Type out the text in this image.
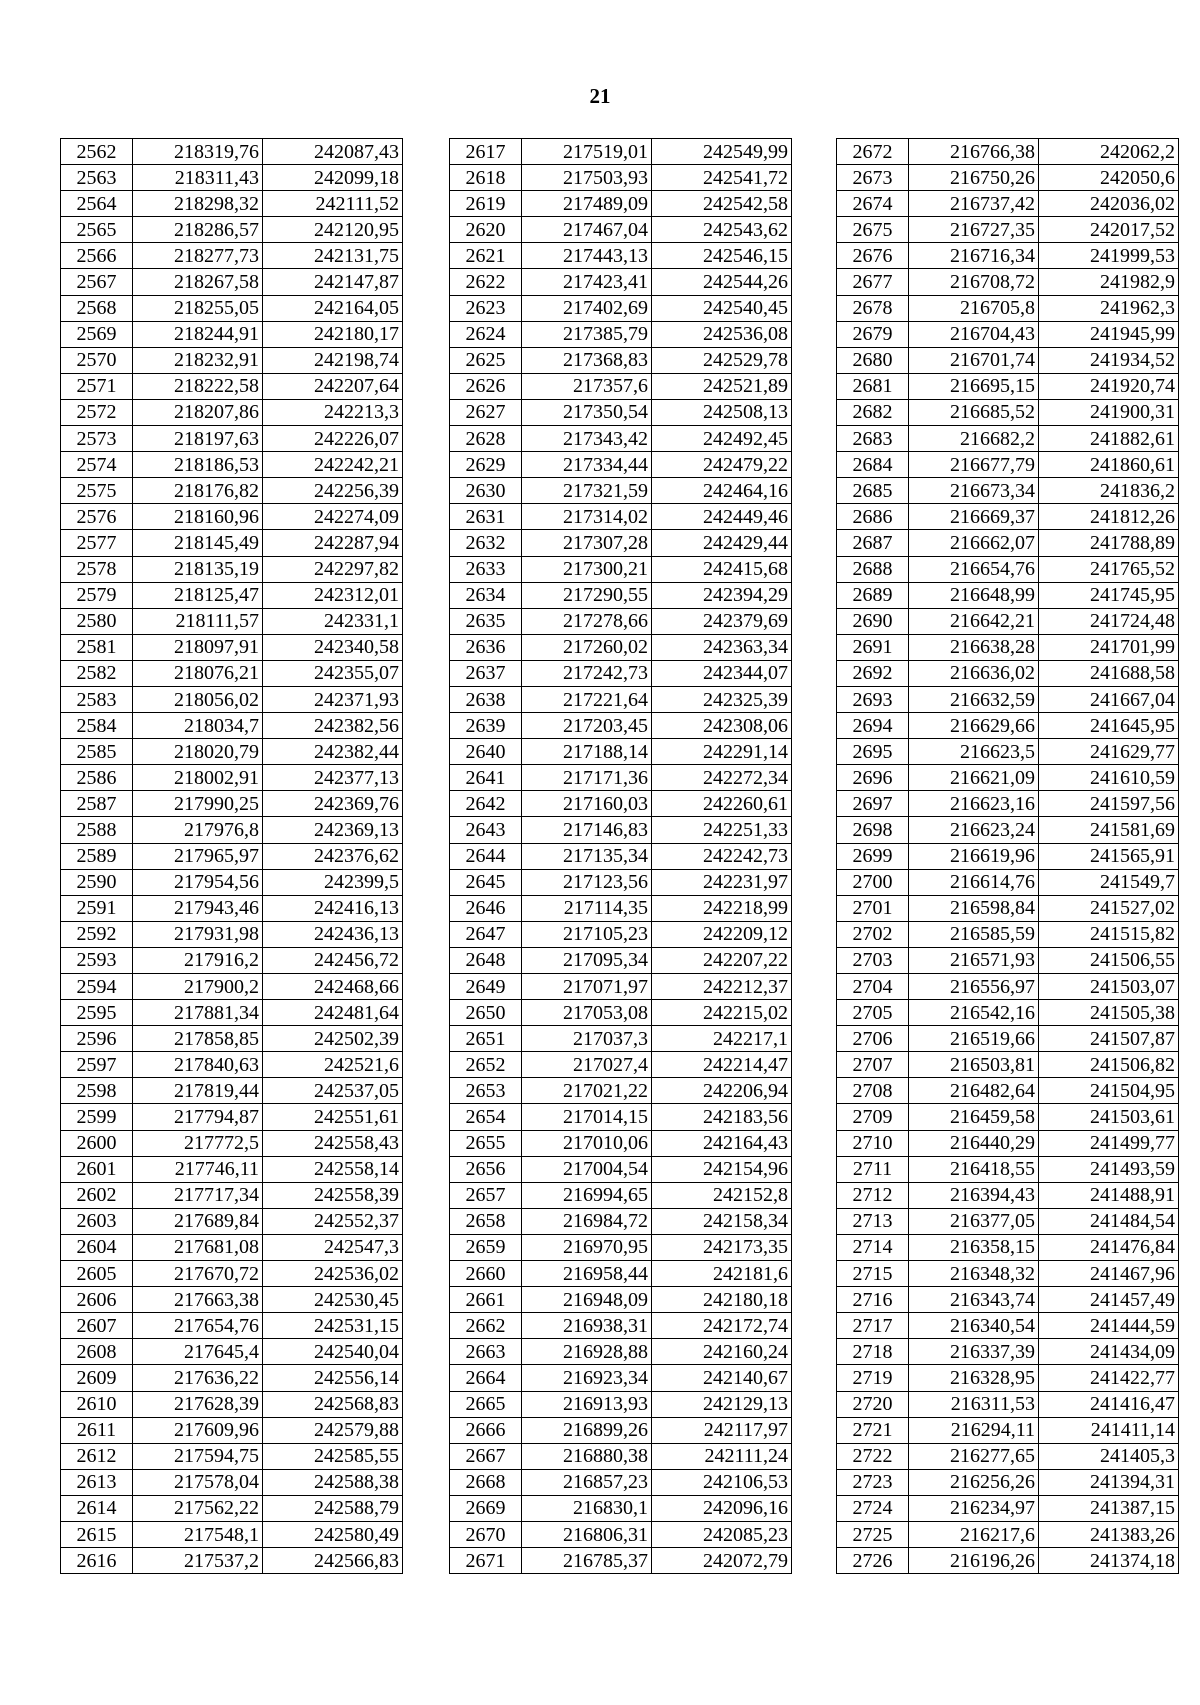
21
2562	218319,76	242087,43
2563	218311,43	242099,18
2564	218298,32	242111,52
2565	218286,57	242120,95
2566	218277,73	242131,75
2567	218267,58	242147,87
2568	218255,05	242164,05
2569	218244,91	242180,17
2570	218232,91	242198,74
2571	218222,58	242207,64
2572	218207,86	242213,3
2573	218197,63	242226,07
2574	218186,53	242242,21
2575	218176,82	242256,39
2576	218160,96	242274,09
2577	218145,49	242287,94
2578	218135,19	242297,82
2579	218125,47	242312,01
2580	218111,57	242331,1
2581	218097,91	242340,58
2582	218076,21	242355,07
2583	218056,02	242371,93
2584	218034,7	242382,56
2585	218020,79	242382,44
2586	218002,91	242377,13
2587	217990,25	242369,76
2588	217976,8	242369,13
2589	217965,97	242376,62
2590	217954,56	242399,5
2591	217943,46	242416,13
2592	217931,98	242436,13
2593	217916,2	242456,72
2594	217900,2	242468,66
2595	217881,34	242481,64
2596	217858,85	242502,39
2597	217840,63	242521,6
2598	217819,44	242537,05
2599	217794,87	242551,61
2600	217772,5	242558,43
2601	217746,11	242558,14
2602	217717,34	242558,39
2603	217689,84	242552,37
2604	217681,08	242547,3
2605	217670,72	242536,02
2606	217663,38	242530,45
2607	217654,76	242531,15
2608	217645,4	242540,04
2609	217636,22	242556,14
2610	217628,39	242568,83
2611	217609,96	242579,88
2612	217594,75	242585,55
2613	217578,04	242588,38
2614	217562,22	242588,79
2615	217548,1	242580,49
2616	217537,2	242566,83
2617	217519,01	242549,99
2618	217503,93	242541,72
2619	217489,09	242542,58
2620	217467,04	242543,62
2621	217443,13	242546,15
2622	217423,41	242544,26
2623	217402,69	242540,45
2624	217385,79	242536,08
2625	217368,83	242529,78
2626	217357,6	242521,89
2627	217350,54	242508,13
2628	217343,42	242492,45
2629	217334,44	242479,22
2630	217321,59	242464,16
2631	217314,02	242449,46
2632	217307,28	242429,44
2633	217300,21	242415,68
2634	217290,55	242394,29
2635	217278,66	242379,69
2636	217260,02	242363,34
2637	217242,73	242344,07
2638	217221,64	242325,39
2639	217203,45	242308,06
2640	217188,14	242291,14
2641	217171,36	242272,34
2642	217160,03	242260,61
2643	217146,83	242251,33
2644	217135,34	242242,73
2645	217123,56	242231,97
2646	217114,35	242218,99
2647	217105,23	242209,12
2648	217095,34	242207,22
2649	217071,97	242212,37
2650	217053,08	242215,02
2651	217037,3	242217,1
2652	217027,4	242214,47
2653	217021,22	242206,94
2654	217014,15	242183,56
2655	217010,06	242164,43
2656	217004,54	242154,96
2657	216994,65	242152,8
2658	216984,72	242158,34
2659	216970,95	242173,35
2660	216958,44	242181,6
2661	216948,09	242180,18
2662	216938,31	242172,74
2663	216928,88	242160,24
2664	216923,34	242140,67
2665	216913,93	242129,13
2666	216899,26	242117,97
2667	216880,38	242111,24
2668	216857,23	242106,53
2669	216830,1	242096,16
2670	216806,31	242085,23
2671	216785,37	242072,79
2672	216766,38	242062,2
2673	216750,26	242050,6
2674	216737,42	242036,02
2675	216727,35	242017,52
2676	216716,34	241999,53
2677	216708,72	241982,9
2678	216705,8	241962,3
2679	216704,43	241945,99
2680	216701,74	241934,52
2681	216695,15	241920,74
2682	216685,52	241900,31
2683	216682,2	241882,61
2684	216677,79	241860,61
2685	216673,34	241836,2
2686	216669,37	241812,26
2687	216662,07	241788,89
2688	216654,76	241765,52
2689	216648,99	241745,95
2690	216642,21	241724,48
2691	216638,28	241701,99
2692	216636,02	241688,58
2693	216632,59	241667,04
2694	216629,66	241645,95
2695	216623,5	241629,77
2696	216621,09	241610,59
2697	216623,16	241597,56
2698	216623,24	241581,69
2699	216619,96	241565,91
2700	216614,76	241549,7
2701	216598,84	241527,02
2702	216585,59	241515,82
2703	216571,93	241506,55
2704	216556,97	241503,07
2705	216542,16	241505,38
2706	216519,66	241507,87
2707	216503,81	241506,82
2708	216482,64	241504,95
2709	216459,58	241503,61
2710	216440,29	241499,77
2711	216418,55	241493,59
2712	216394,43	241488,91
2713	216377,05	241484,54
2714	216358,15	241476,84
2715	216348,32	241467,96
2716	216343,74	241457,49
2717	216340,54	241444,59
2718	216337,39	241434,09
2719	216328,95	241422,77
2720	216311,53	241416,47
2721	216294,11	241411,14
2722	216277,65	241405,3
2723	216256,26	241394,31
2724	216234,97	241387,15
2725	216217,6	241383,26
2726	216196,26	241374,18
